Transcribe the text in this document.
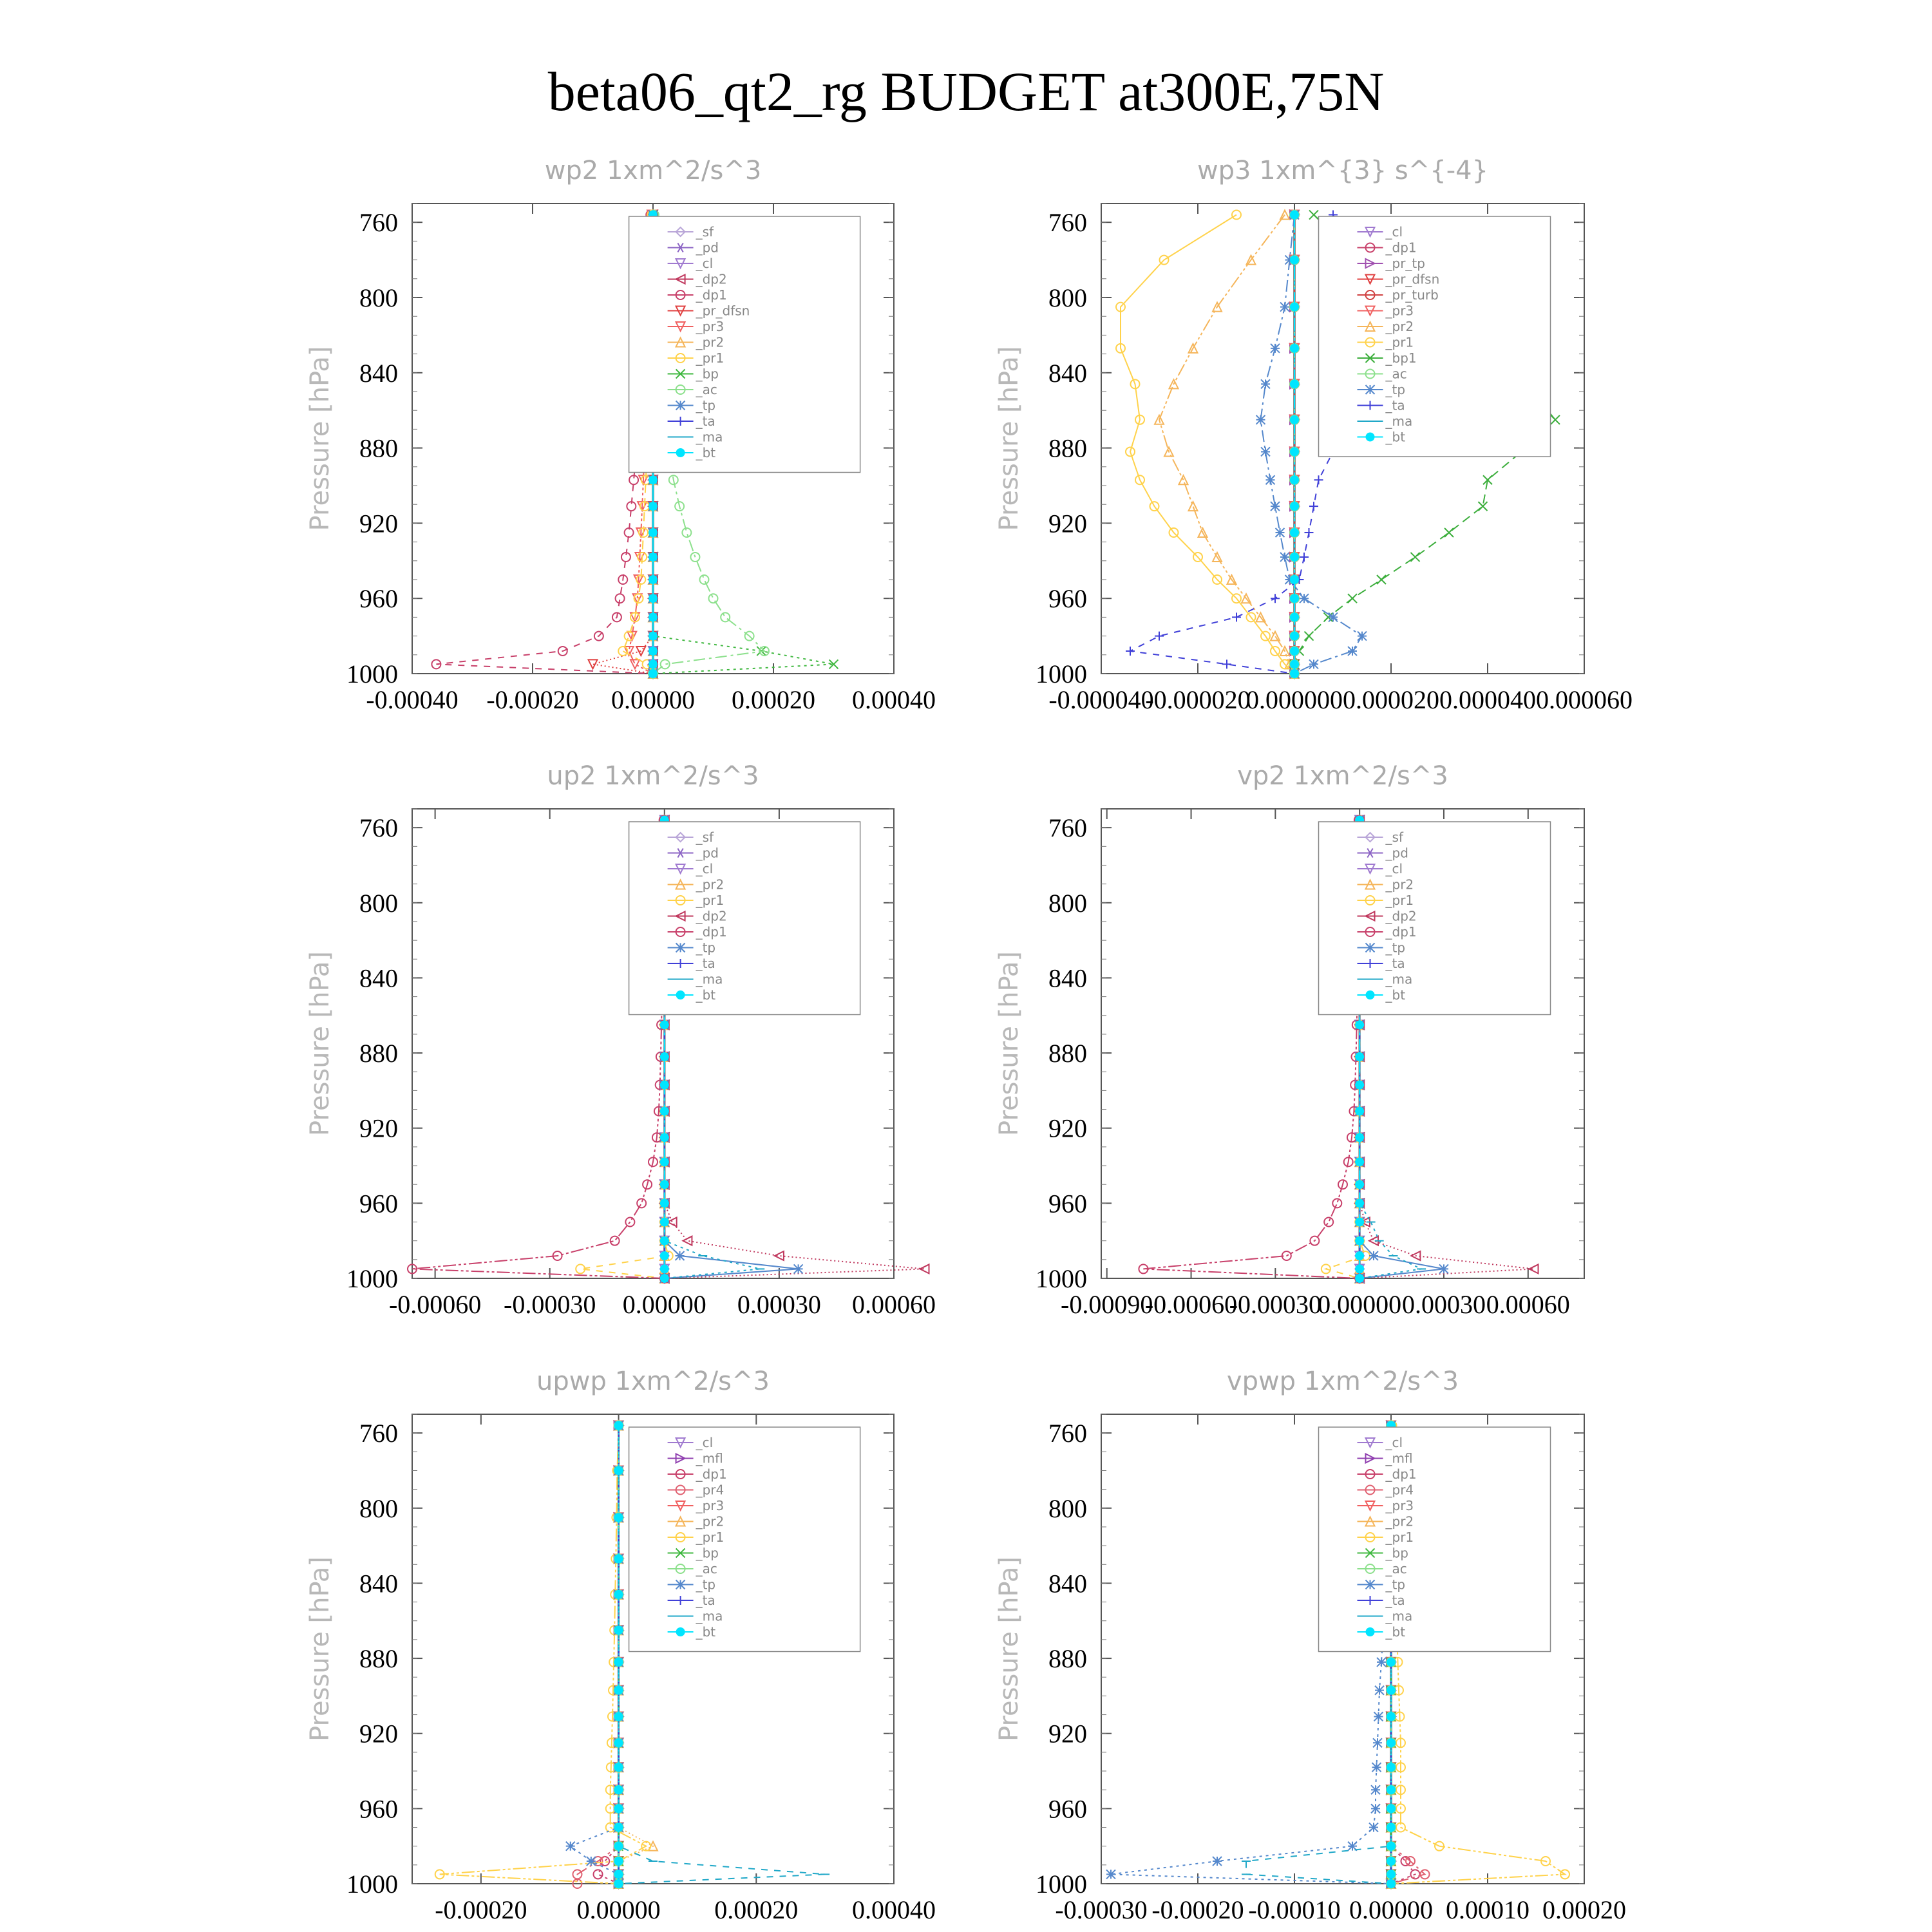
beta06_qt2_rg BUDGET at300E,75N
wp2 1xm^2/s^3
Pressure [hPa]
760
800
840
880
920
960
1000
-0.00040 -0.00020 0.00000 0.00020 0.00040
_sf
_pd
_cl
_dp2
_dp1
_pr_dfsn
_pr3
_pr2
_pr1
_bp
_ac
_tp
_ta
_ma
_bt
wp3 1xm^{3} s^{-4}
Pressure [hPa]
760
800
840
880
920
960
1000
-0.000040
-0.000020
0.000000 0.000020 0.000040 0.000060
_cl
_dp1
_pr_tp
_pr_dfsn
_pr_turb
_pr3
_pr2
_pr1
_bp1
_ac
_tp
_ta
_ma
_bt
up2 1xm^2/s^3
Pressure [hPa]
760
800
840
880
920
960
1000
-0.00060 -0.00030 0.00000 0.00030 0.00060
_sf
_pd
_cl
_pr2
_pr1
_dp2
_dp1
_tp
_ta
_ma
_bt
vp2 1xm^2/s^3
Pressure [hPa]
760
800
840
880
920
960
1000
-0.00090
-0.00060
-0.00030
0.00000 0.00030 0.00060
_sf
_pd
_cl
_pr2
_pr1
_dp2
_dp1
_tp
_ta
_ma
_bt
upwp 1xm^2/s^3
Pressure [hPa]
760
800
840
880
920
960
1000
-0.00020 0.00000 0.00020 0.00040
_cl
_mfl
_dp1
_pr4
_pr3
_pr2
_pr1
_bp
_ac
_tp
_ta
_ma
_bt
vpwp 1xm^2/s^3
Pressure [hPa]
760
800
840
880
920
960
1000
-0.00030 -0.00020 -0.00010 0.00000 0.00010 0.00020
_cl
_mfl
_dp1
_pr4
_pr3
_pr2
_pr1
_bp
_ac
_tp
_ta
_ma
_bt
